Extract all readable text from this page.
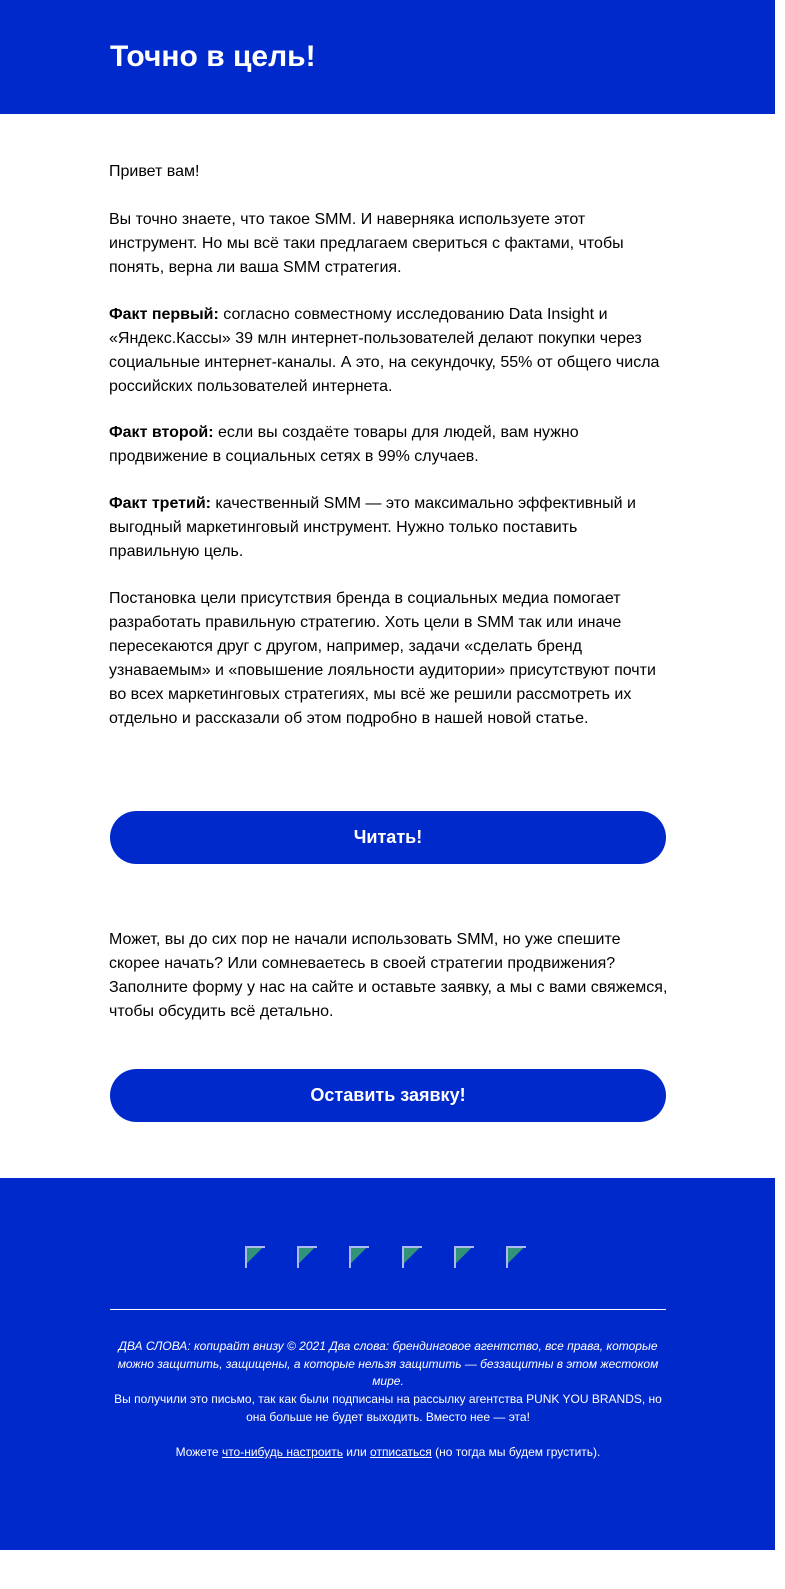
Точно в цель!

Привет вам!

Вы точно знаете, что такое SMM. И наверняка используете этот инструмент. Но мы всё таки предлагаем свериться с фактами, чтобы понять, верна ли ваша SMM стратегия.

Факт первый: согласно совместному исследованию Data Insight и «Яндекс.Кассы» 39 млн интернет-пользователей делают покупки через социальные интернет-каналы. А это, на секундочку, 55% от общего числа российских пользователей интернета.

Факт второй: если вы создаёте товары для людей, вам нужно продвижение в социальных сетях в 99% случаев.

Факт третий: качественный SMM — это максимально эффективный и выгодный маркетинговый инструмент. Нужно только поставить правильную цель.

Постановка цели присутствия бренда в социальных медиа помогает разработать правильную стратегию. Хоть цели в SMM так или иначе пересекаются друг с другом, например, задачи «сделать бренд узнаваемым» и «повышение лояльности аудитории» присутствуют почти во всех маркетинговых стратегиях, мы всё же решили рассмотреть их отдельно и рассказали об этом подробно в нашей новой статье.

Может, вы до сих пор не начали использовать SMM, но уже спешите скорее начать? Или сомневаетесь в своей стратегии продвижения? Заполните форму у нас на сайте и оставьте заявку, а мы с вами свяжемся, чтобы обсудить всё детально.

Читать!
Оставить заявку!
ДВА СЛОВА: копирайт внизу © 2021 Два слова: брендинговое агентство, все права, которые можно защитить, защищены, а которые нельзя защитить — беззащитны в этом жестоком мире.
Вы получили это письмо, так как были подписаны на рассылку агентства PUNK YOU BRANDS, но она больше не будет выходить. Вместо нее — эта!
Можете что-нибудь настроить или отписаться (но тогда мы будем грустить).
